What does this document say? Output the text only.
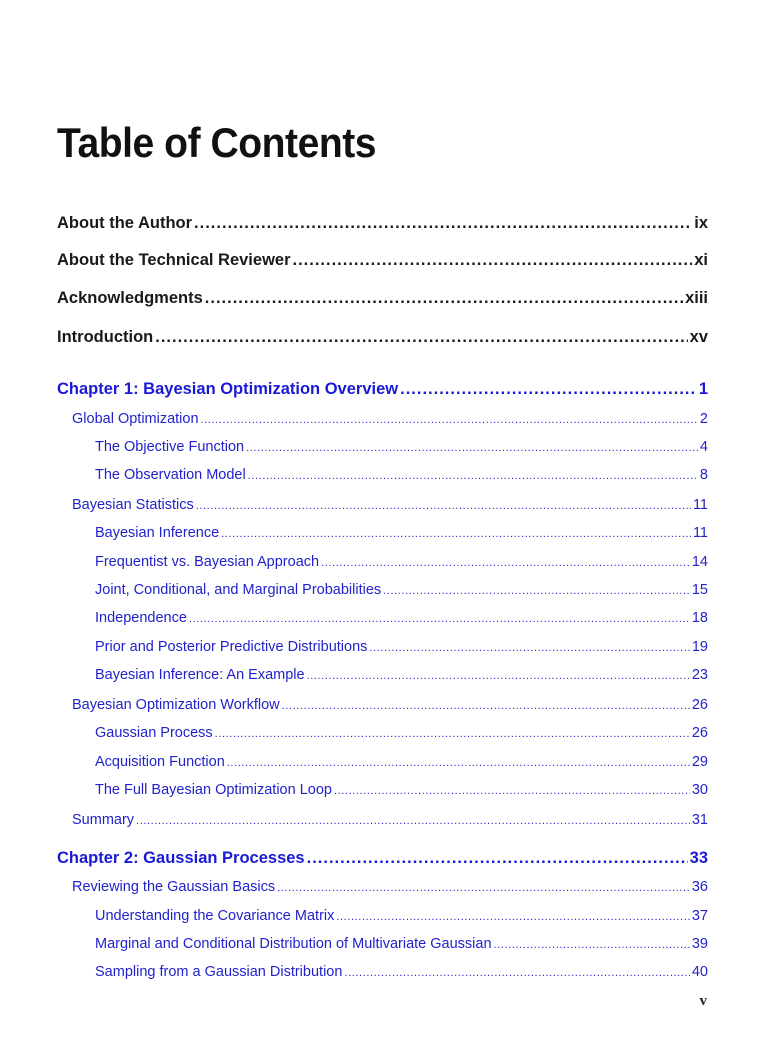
Table of Contents
About the Author .....	ix
About the Technical Reviewer .....	xi
Acknowledgments .....	xiii
Introduction .....	xv
Chapter 1: Bayesian Optimization Overview .....	1
Global Optimization .....	2
The Objective Function .....	4
The Observation Model .....	8
Bayesian Statistics .....	11
Bayesian Inference .....	11
Frequentist vs. Bayesian Approach .....	14
Joint, Conditional, and Marginal Probabilities .....	15
Independence .....	18
Prior and Posterior Predictive Distributions .....	19
Bayesian Inference: An Example .....	23
Bayesian Optimization Workflow .....	26
Gaussian Process .....	26
Acquisition Function .....	29
The Full Bayesian Optimization Loop .....	30
Summary .....	31
Chapter 2: Gaussian Processes .....	33
Reviewing the Gaussian Basics .....	36
Understanding the Covariance Matrix .....	37
Marginal and Conditional Distribution of Multivariate Gaussian .....	39
Sampling from a Gaussian Distribution .....	40
v
